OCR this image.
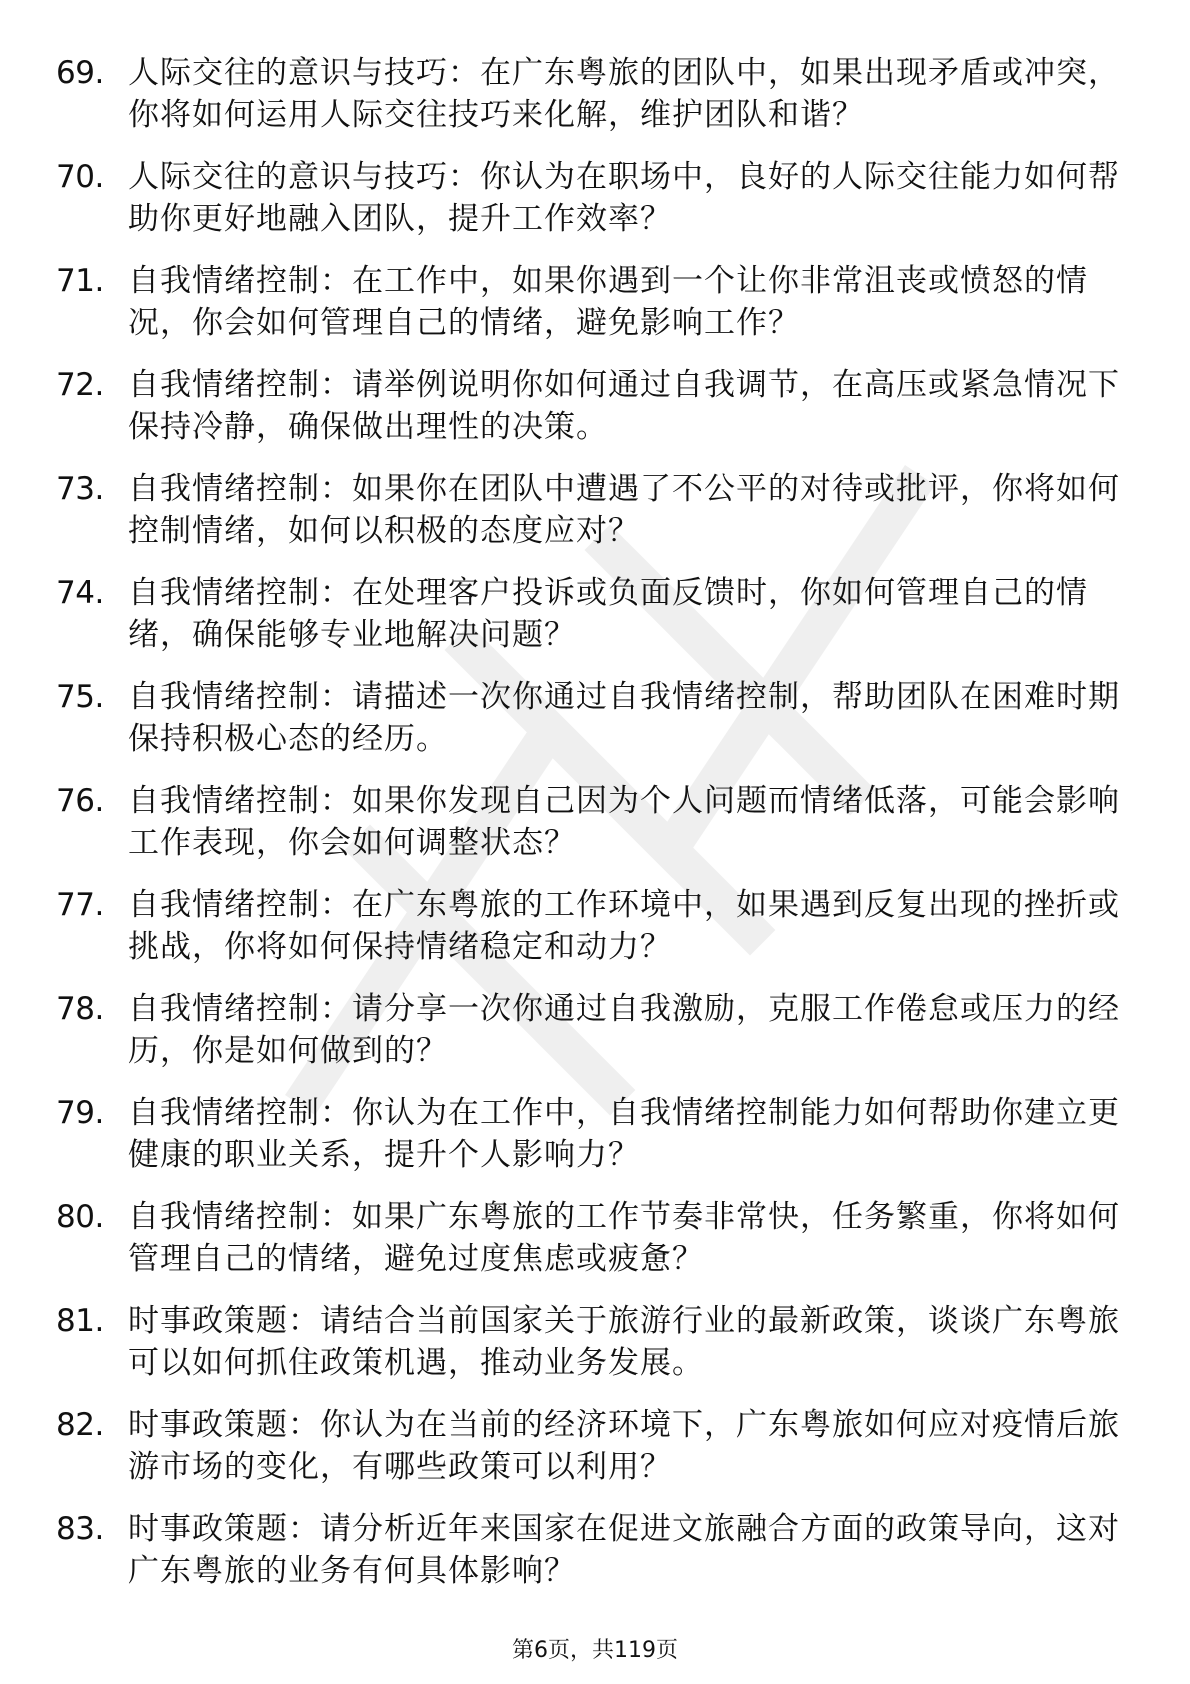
69. 人际交往的意识与技巧：在广东粤旅的团队中，如果出现矛盾或冲突，你将如何运用人际交往技巧来化解，维护团队和谐？
70. 人际交往的意识与技巧：你认为在职场中，良好的人际交往能力如何帮助你更好地融入团队，提升工作效率？
71. 自我情绪控制：在工作中，如果你遇到一个让你非常沮丧或愤怒的情况，你会如何管理自己的情绪，避免影响工作？
72. 自我情绪控制：请举例说明你如何通过自我调节，在高压或紧急情况下保持冷静，确保做出理性的决策。
73. 自我情绪控制：如果你在团队中遭遇了不公平的对待或批评，你将如何控制情绪，如何以积极的态度应对？
74. 自我情绪控制：在处理客户投诉或负面反馈时，你如何管理自己的情绪，确保能够专业地解决问题？
75. 自我情绪控制：请描述一次你通过自我情绪控制，帮助团队在困难时期保持积极心态的经历。
76. 自我情绪控制：如果你发现自己因为个人问题而情绪低落，可能会影响工作表现，你会如何调整状态？
77. 自我情绪控制：在广东粤旅的工作环境中，如果遇到反复出现的挫折或挑战，你将如何保持情绪稳定和动力？
78. 自我情绪控制：请分享一次你通过自我激励，克服工作倦怠或压力的经历，你是如何做到的？
79. 自我情绪控制：你认为在工作中，自我情绪控制能力如何帮助你建立更健康的职业关系，提升个人影响力？
80. 自我情绪控制：如果广东粤旅的工作节奏非常快，任务繁重，你将如何管理自己的情绪，避免过度焦虑或疲惫？
81. 时事政策题：请结合当前国家关于旅游行业的最新政策，谈谈广东粤旅可以如何抓住政策机遇，推动业务发展。
82. 时事政策题：你认为在当前的经济环境下，广东粤旅如何应对疫情后旅游市场的变化，有哪些政策可以利用？
83. 时事政策题：请分析近年来国家在促进文旅融合方面的政策导向，这对广东粤旅的业务有何具体影响？
第6页，共119页
